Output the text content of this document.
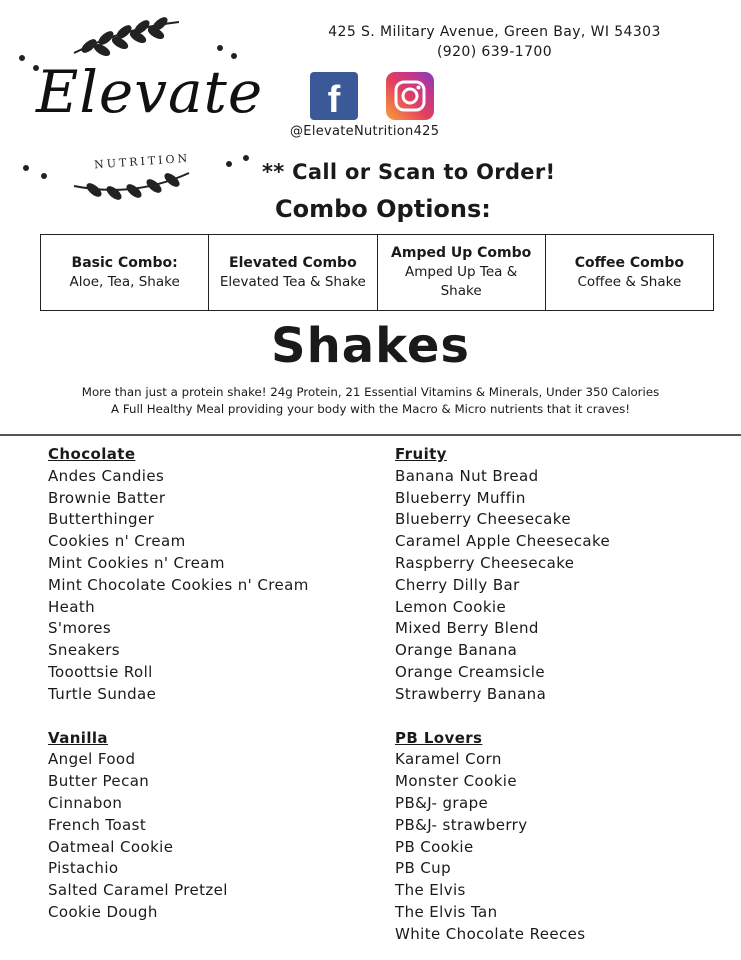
Elevate
NUTRITION
425 S. Military Avenue, Green Bay, WI 54303
(920) 639-1700
f
@ElevateNutrition425
** Call or Scan to Order!
Combo Options:
Basic Combo:
Aloe, Tea, Shake
Elevated Combo
Elevated Tea & Shake
Amped Up Combo
Amped Up Tea & Shake
Coffee Combo
Coffee & Shake
Shakes
More than just a protein shake! 24g Protein, 21 Essential Vitamins & Minerals, Under 350 Calories
A Full Healthy Meal providing your body with the Macro & Micro nutrients that it craves!
Chocolate
Andes Candies
Brownie Batter
Butterthinger
Cookies n' Cream
Mint Cookies n' Cream
Mint Chocolate Cookies n' Cream
Heath
S'mores
Sneakers
Tooottsie Roll
Turtle Sundae
Vanilla
Angel Food
Butter Pecan
Cinnabon
French Toast
Oatmeal Cookie
Pistachio
Salted Caramel Pretzel
Cookie Dough
Fruity
Banana Nut Bread
Blueberry Muffin
Blueberry Cheesecake
Caramel Apple Cheesecake
Raspberry Cheesecake
Cherry Dilly Bar
Lemon Cookie
Mixed Berry Blend
Orange Banana
Orange Creamsicle
Strawberry Banana
PB Lovers
Karamel Corn
Monster Cookie
PB&J- grape
PB&J- strawberry
PB Cookie
PB Cup
The Elvis
The Elvis Tan
White Chocolate Reeces
